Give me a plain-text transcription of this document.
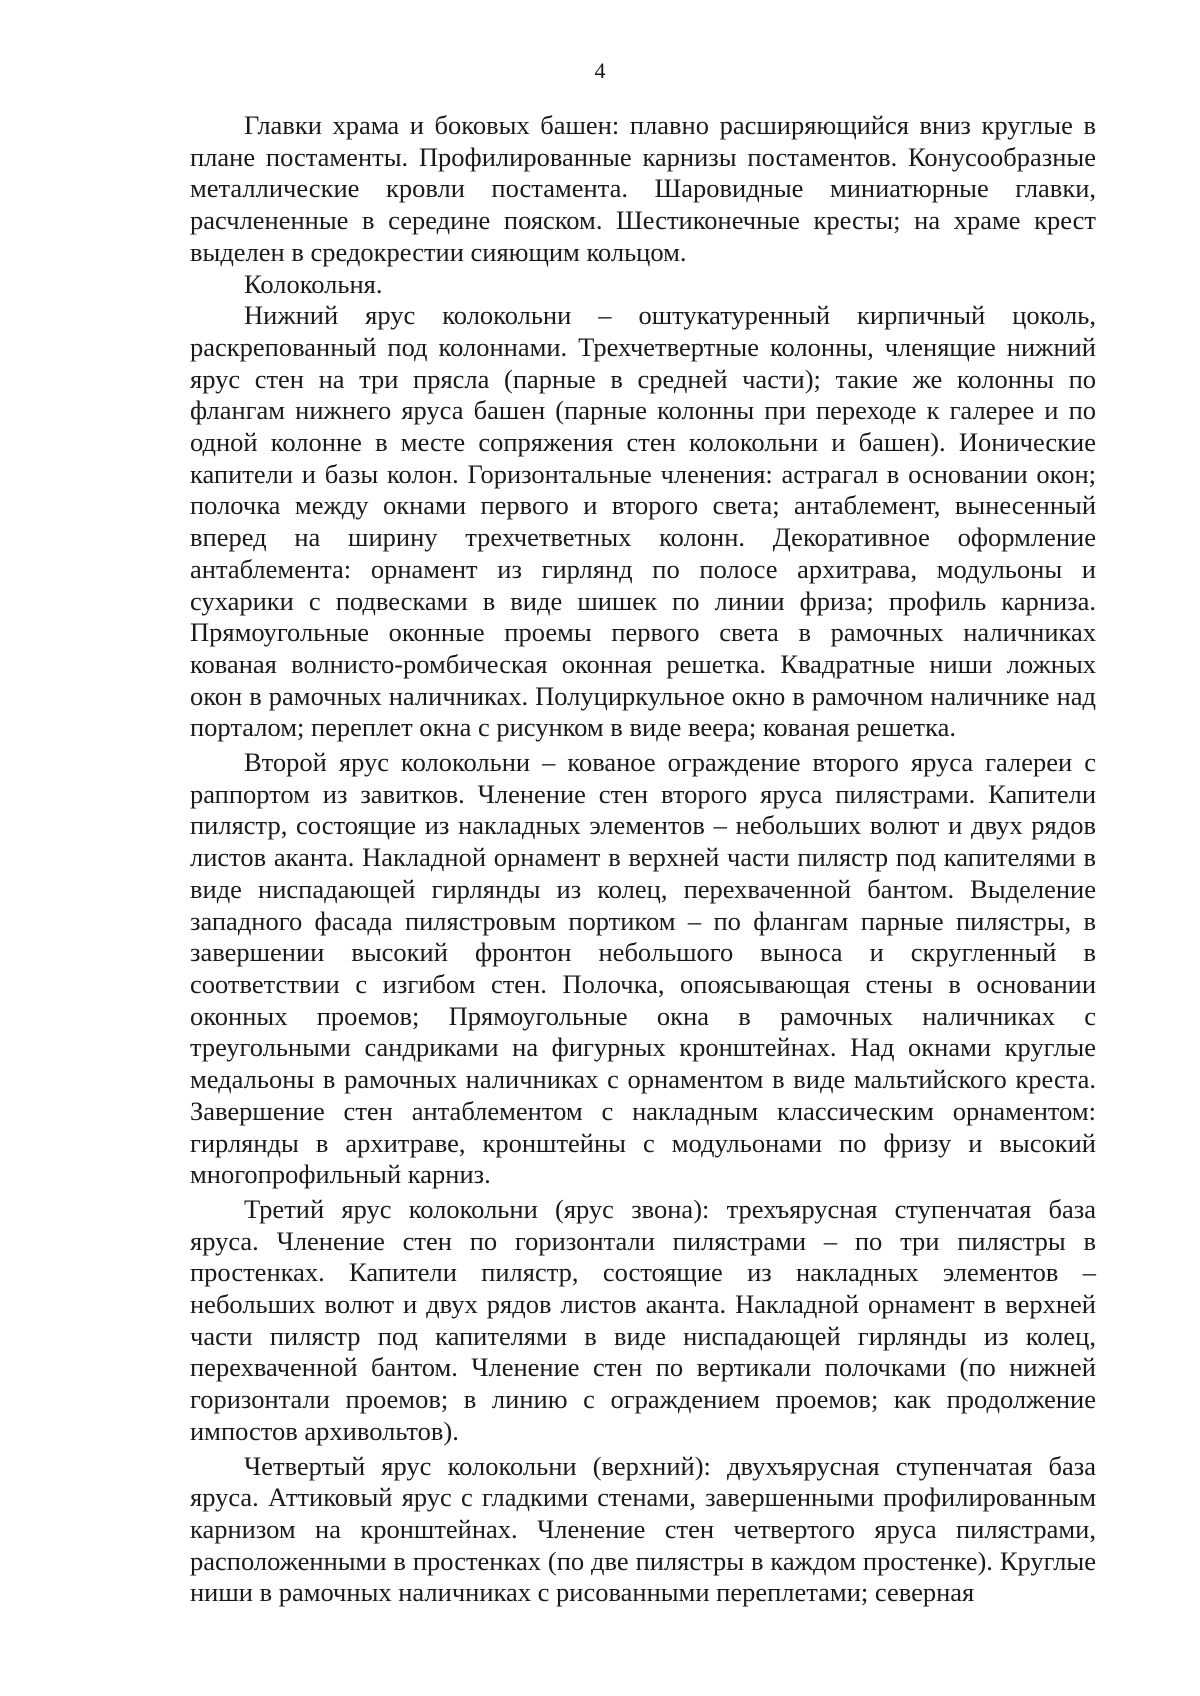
4

Главки храма и боковых башен: плавно расширяющийся вниз круглые в плане постаменты. Профилированные карнизы постаментов. Конусообразные металлические кровли постамента. Шаровидные миниатюрные главки, расчлененные в середине пояском. Шестиконечные кресты; на храме крест выделен в средокрестии сияющим кольцом.

Колокольня.

Нижний ярус колокольни – оштукатуренный кирпичный цоколь, раскрепованный под колоннами. Трехчетвертные колонны, членящие нижний ярус стен на три прясла (парные в средней части); такие же колонны по флангам нижнего яруса башен (парные колонны при переходе к галерее и по одной колонне в месте сопряжения стен колокольни и башен). Ионические капители и базы колон. Горизонтальные членения: астрагал в основании окон; полочка между окнами первого и второго света; антаблемент, вынесенный вперед на ширину трехчетветных колонн. Декоративное оформление антаблемента: орнамент из гирлянд по полосе архитрава, модульоны и сухарики с подвесками в виде шишек по линии фриза; профиль карниза. Прямоугольные оконные проемы первого света в рамочных наличниках кованая волнисто-ромбическая оконная решетка. Квадратные ниши ложных окон в рамочных наличниках. Полуциркульное окно в рамочном наличнике над порталом; переплет окна с рисунком в виде веера; кованая решетка.

Второй ярус колокольни – кованое ограждение второго яруса галереи с раппортом из завитков. Членение стен второго яруса пилястрами. Капители пилястр, состоящие из накладных элементов – небольших волют и двух рядов листов аканта. Накладной орнамент в верхней части пилястр под капителями в виде ниспадающей гирлянды из колец, перехваченной бантом. Выделение западного фасада пилястровым портиком – по флангам парные пилястры, в завершении высокий фронтон небольшого выноса и скругленный в соответствии с изгибом стен. Полочка, опоясывающая стены в основании оконных проемов; Прямоугольные окна в рамочных наличниках с треугольными сандриками на фигурных кронштейнах. Над окнами круглые медальоны в рамочных наличниках с орнаментом в виде мальтийского креста. Завершение стен антаблементом с накладным классическим орнаментом: гирлянды в архитраве, кронштейны с модульонами по фризу и высокий многопрофильный карниз.

Третий ярус колокольни (ярус звона): трехъярусная ступенчатая база яруса. Членение стен по горизонтали пилястрами – по три пилястры в простенках. Капители пилястр, состоящие из накладных элементов – небольших волют и двух рядов листов аканта. Накладной орнамент в верхней части пилястр под капителями в виде ниспадающей гирлянды из колец, перехваченной бантом. Членение стен по вертикали полочками (по нижней горизонтали проемов; в линию с ограждением проемов; как продолжение импостов архивольтов).

Четвертый ярус колокольни (верхний): двухъярусная ступенчатая база яруса. Аттиковый ярус с гладкими стенами, завершенными профилированным карнизом на кронштейнах. Членение стен четвертого яруса пилястрами, расположенными в простенках (по две пилястры в каждом простенке). Круглые ниши в рамочных наличниках с рисованными переплетами; северная
